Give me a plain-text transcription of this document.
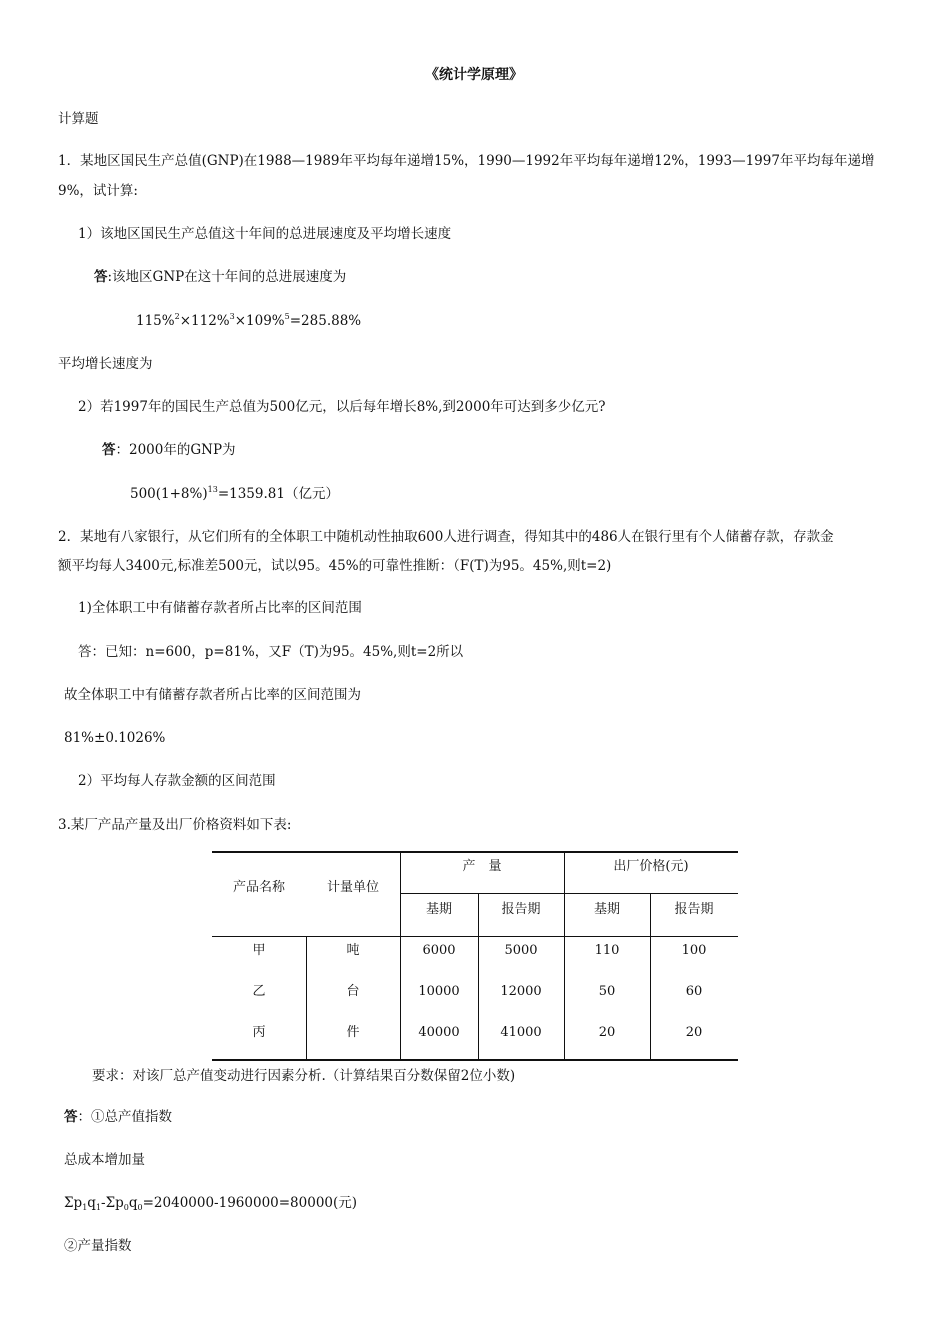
《统计学原理》
计算题
1．某地区国民生产总值(GNP)在1988—1989年平均每年递增15%，1990—1992年平均每年递增12%，1993—1997年平均每年递增
9%，试计算:
1）该地区国民生产总值这十年间的总进展速度及平均增长速度
答:该地区GNP在这十年间的总进展速度为
115%$^2$×112%$^3$×109%$^5$=285.88%
平均增长速度为
2）若1997年的国民生产总值为500亿元，以后每年增长8%,到2000年可达到多少亿元?
答：2000年的GNP为
$500(1+8\%)^{13}=1359.81$（亿元）
2．某地有八家银行，从它们所有的全体职工中随机动性抽取600人进行调查，得知其中的486人在银行里有个人储蓄存款，存款金
额平均每人3400元,标准差500元，试以95。45%的可靠性推断：（F(T)为95。45%,则t=2)
1)全体职工中有储蓄存款者所占比率的区间范围
答：已知：n=600，p=81%，又F（T)为95。45%,则t=2所以
故全体职工中有储蓄存款者所占比率的区间范围为
81%±0.1026%
2）平均每人存款金额的区间范围
3.某厂产品产量及出厂价格资料如下表:
产品名称	计量单位
产　量	出厂价格(元)
基期	报告期	基期	报告期
甲	吨	6000	5000	110	100
乙	台	10000	12000	50	60
丙	件	40000	41000	20	20
要求：对该厂总产值变动进行因素分析.（计算结果百分数保留2位小数)
答：①总产值指数
总成本增加量
$\Sigma p_1q_1-\Sigma p_0q_0=2040000-1960000=80000$(元)
②产量指数
